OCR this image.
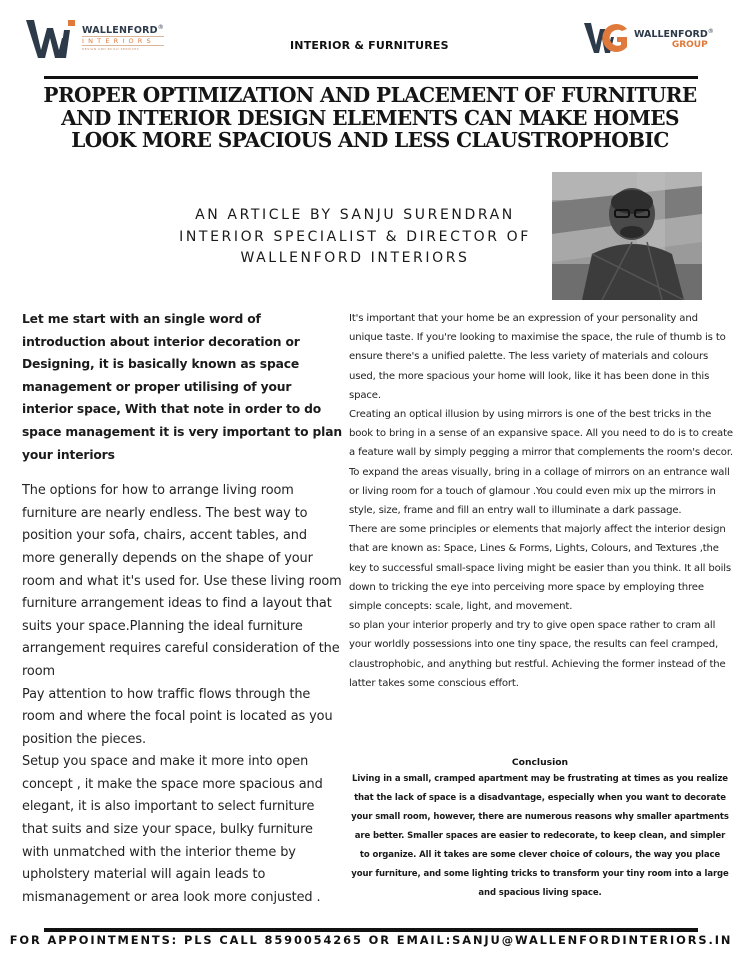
WALLENFORD®
INTERIORS
DESIGN AND BUILD SERVICES	INTERIOR & FURNITURES
WALLENFORD®
GROUP
PROPER OPTIMIZATION AND PLACEMENT OF FURNITURE AND INTERIOR DESIGN ELEMENTS CAN MAKE HOMES LOOK MORE SPACIOUS AND LESS CLAUSTROPHOBIC
AN ARTICLE BY SANJU SURENDRAN
INTERIOR SPECIALIST & DIRECTOR OF
WALLENFORD INTERIORS

Let me start with an single word of introduction about interior decoration or Designing, it is basically known as space management or proper utilising of your interior space, With that note in order to do space management it is very important to plan your interiors

The options for how to arrange living room furniture are nearly endless. The best way to position your sofa, chairs, accent tables, and more generally depends on the shape of your room and what it's used for. Use these living room furniture arrangement ideas to find a layout that suits your space.Planning the ideal furniture arrangement requires careful consideration of the room

Pay attention to how traffic flows through the room and where the focal point is located as you position the pieces.

Setup you space and make it more into open concept , it make the space more spacious and elegant, it is also important to select furniture that suits and size your space, bulky furniture with unmatched with the interior theme by upholstery material will again leads to mismanagement or area look more conjusted .

It's important that your home be an expression of your personality and unique taste. If you're looking to maximise the space, the rule of thumb is to ensure there's a unified palette. The less variety of materials and colours used, the more spacious your home will look, like it has been done in this space.

Creating an optical illusion by using mirrors is one of the best tricks in the book to bring in a sense of an expansive space. All you need to do is to create a feature wall by simply pegging a mirror that complements the room's decor.

To expand the areas visually, bring in a collage of mirrors on an entrance wall or living room for a touch of glamour .You could even mix up the mirrors in style, size, frame and fill an entry wall to illuminate a dark passage.

There are some principles or elements that majorly affect the interior design that are known as: Space, Lines & Forms, Lights, Colours, and Textures ,the key to successful small-space living might be easier than you think. It all boils down to tricking the eye into perceiving more space by employing three simple concepts: scale, light, and movement.

so plan your interior properly and try to give open space rather to cram all your worldly possessions into one tiny space, the results can feel cramped, claustrophobic, and anything but restful. Achieving the former instead of the latter takes some conscious effort.

Conclusion

Living in a small, cramped apartment may be frustrating at times as you realize that the lack of space is a disadvantage, especially when you want to decorate your small room, however, there are numerous reasons why smaller apartments are better. Smaller spaces are easier to redecorate, to keep clean, and simpler to organize. All it takes are some clever choice of colours, the way you place your furniture, and some lighting tricks to transform your tiny room into a large and spacious living space.

FOR APPOINTMENTS: PLS CALL 8590054265 OR EMAIL:SANJU@WALLENFORDINTERIORS.IN
